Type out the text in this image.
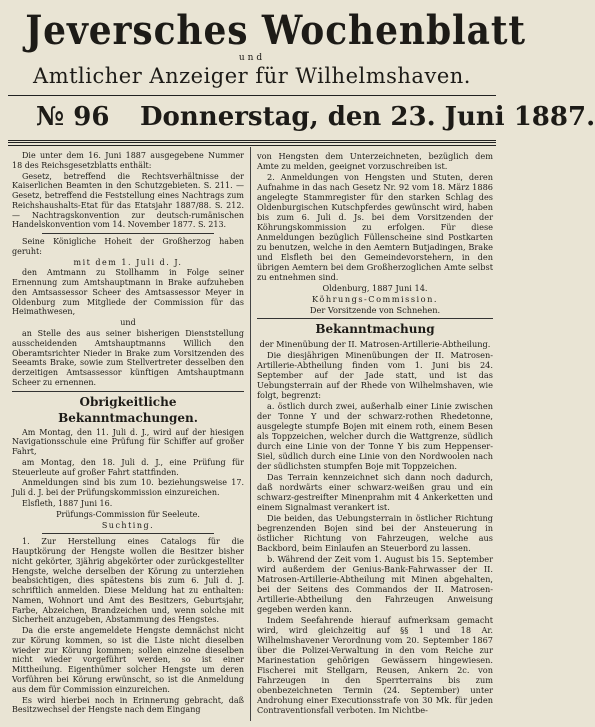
Jeversches Wochenblatt
und
Amtlicher Anzeiger für Wilhelmshaven.
№ 96 Donnerstag, den 23. Juni 1887.

Die unter dem 16. Juni 1887 ausgegebene Nummer 18 des Reichsgesetzblatts enthält:

Gesetz, betreffend die Rechtsverhältnisse der Kaiserlichen Beamten in den Schutzgebieten. S. 211. — Gesetz, betreffend die Feststellung eines Nachtrags zum Reichshaushalts-Etat für das Etatsjahr 1887/88. S. 212. — Nachtragskonvention zur deutsch-rumänischen Handelskonvention vom 14. November 1877. S. 213.

Seine Königliche Hoheit der Großherzog haben geruht:

mit dem 1. Juli d. J.

den Amtmann zu Stollhamm in Folge seiner Ernennung zum Amtshauptmann in Brake aufzuheben den Amtsassessor Scheer des Amtsassessor Meyer in Oldenburg zum Mitgliede der Commission für das Heimathwesen,

und

an Stelle des aus seiner bisherigen Dienststellung ausscheidenden Amtshauptmanns Willich den Oberamtsrichter Nieder in Brake zum Vorsitzenden des Seeamts Brake, sowie zum Stellvertreter desselben den derzeitigen Amtsassessor künftigen Amtshauptmann Scheer zu ernennen.

Obrigkeitliche Bekanntmachungen.

Am Montag, den 11. Juli d. J., wird auf der hiesigen Navigationsschule eine Prüfung für Schiffer auf großer Fahrt,

am Montag, den 18. Juli d. J., eine Prüfung für Steuerleute auf großer Fahrt stattfinden.

Anmeldungen sind bis zum 10. beziehungsweise 17. Juli d. J. bei der Prüfungskommission einzureichen.

Elsfleth, 1887 Juni 16.

Prüfungs-Commission für Seeleute.

Suchting.

1. Zur Herstellung eines Catalogs für die Hauptkörung der Hengste wollen die Besitzer bisher nicht gekörter, 3jährig abgekörter oder zurückgestellter Hengste, welche derselben der Körung zu unterziehen beabsichtigen, dies spätestens bis zum 6. Juli d. J. schriftlich anmelden. Diese Meldung hat zu enthalten: Namen, Wohnort und Amt des Besitzers, Geburtsjahr, Farbe, Abzeichen, Brandzeichen und, wenn solche mit Sicherheit anzugeben, Abstammung des Hengstes.

Da die erste angemeldete Hengste demnächst nicht zur Körung kommen, so ist die Liste nicht dieselben wieder zur Körung kommen; sollen einzelne dieselben nicht wieder vorgeführt werden, so ist einer Mittheilung. Eigenthümer solcher Hengste um deren Vorführen bei Körung erwünscht, so ist die Anmeldung aus dem für Commission einzureichen.

Es wird hierbei noch in Erinnerung gebracht, daß Besitzwechsel der Hengste nach dem Eingang

von Hengsten dem Unterzeichneten, bezüglich dem Amte zu melden, geeignet vorzuschreiben ist.

2. Anmeldungen von Hengsten und Stuten, deren Aufnahme in das nach Gesetz Nr. 92 vom 18. März 1886 angelegte Stammregister für den starken Schlag des Oldenburgischen Kutschpferdes gewünscht wird, haben bis zum 6. Juli d. Js. bei dem Vorsitzenden der Köhrungskommission zu erfolgen. Für diese Anmeldungen bezüglich Füllenscheine sind Postkarten zu benutzen, welche in den Aemtern Butjadingen, Brake und Elsfleth bei den Gemeindevorstehern, in den übrigen Aemtern bei dem Großherzoglichen Amte selbst zu entnehmen sind.

Oldenburg, 1887 Juni 14.

Köhrungs-Commission.

Der Vorsitzende von Schnehen.

Bekanntmachung

der Minenübung der II. Matrosen-Artillerie-Abtheilung.

Die diesjährigen Minenübungen der II. Matrosen-Artillerie-Abtheilung finden vom 1. Juni bis 24. September auf der Jade statt, und ist das Uebungsterrain auf der Rhede von Wilhelmshaven, wie folgt, begrenzt:

a. östlich durch zwei, außerhalb einer Linie zwischen der Tonne Y und der schwarz-rothen Rhedetonne, ausgelegte stumpfe Bojen mit einem roth, einem Besen als Toppzeichen, welcher durch die Wattgrenze, südlich durch eine Linie von der Tonne Y bis zum Heppenser-Siel, südlich durch eine Linie von den Nordwoolen nach der südlichsten stumpfen Boje mit Toppzeichen.

Das Terrain kennzeichnet sich dann noch dadurch, daß nordwärts einer schwarz-weißen grau und ein schwarz-gestreifter Minenprahm mit 4 Ankerketten und einem Signalmast verankert ist.

Die beiden, das Uebungsterrain in östlicher Richtung begrenzenden Bojen sind bei der Ansteuerung in östlicher Richtung von Fahrzeugen, welche aus Backbord, beim Einlaufen an Steuerbord zu lassen.

b. Während der Zeit vom 1. August bis 15. September wird außerdem der Genius-Bank-Fahrwasser der II. Matrosen-Artillerie-Abtheilung mit Minen abgehalten, bei der Seitens des Commandos der II. Matrosen-Artillerie-Abtheilung den Fahrzeugen Anweisung gegeben werden kann.

Indem Seefahrende hierauf aufmerksam gemacht wird, wird gleichzeitig auf §§ 1 und 18 Ar. Wilhelmshavener Verordnung vom 20. September 1867 über die Polizei-Verwaltung in den vom Reiche zur Marinestation gehörigen Gewässern hingewiesen. Fischerei mit Stellgarn, Reusen, Ankern 2c. von Fahrzeugen in den Sperrterrains bis zum obenbezeichneten Termin (24. September) unter Androhung einer Executionsstrafe von 30 Mk. für jeden Contraventionsfall verboten. Im Nichtbe-
